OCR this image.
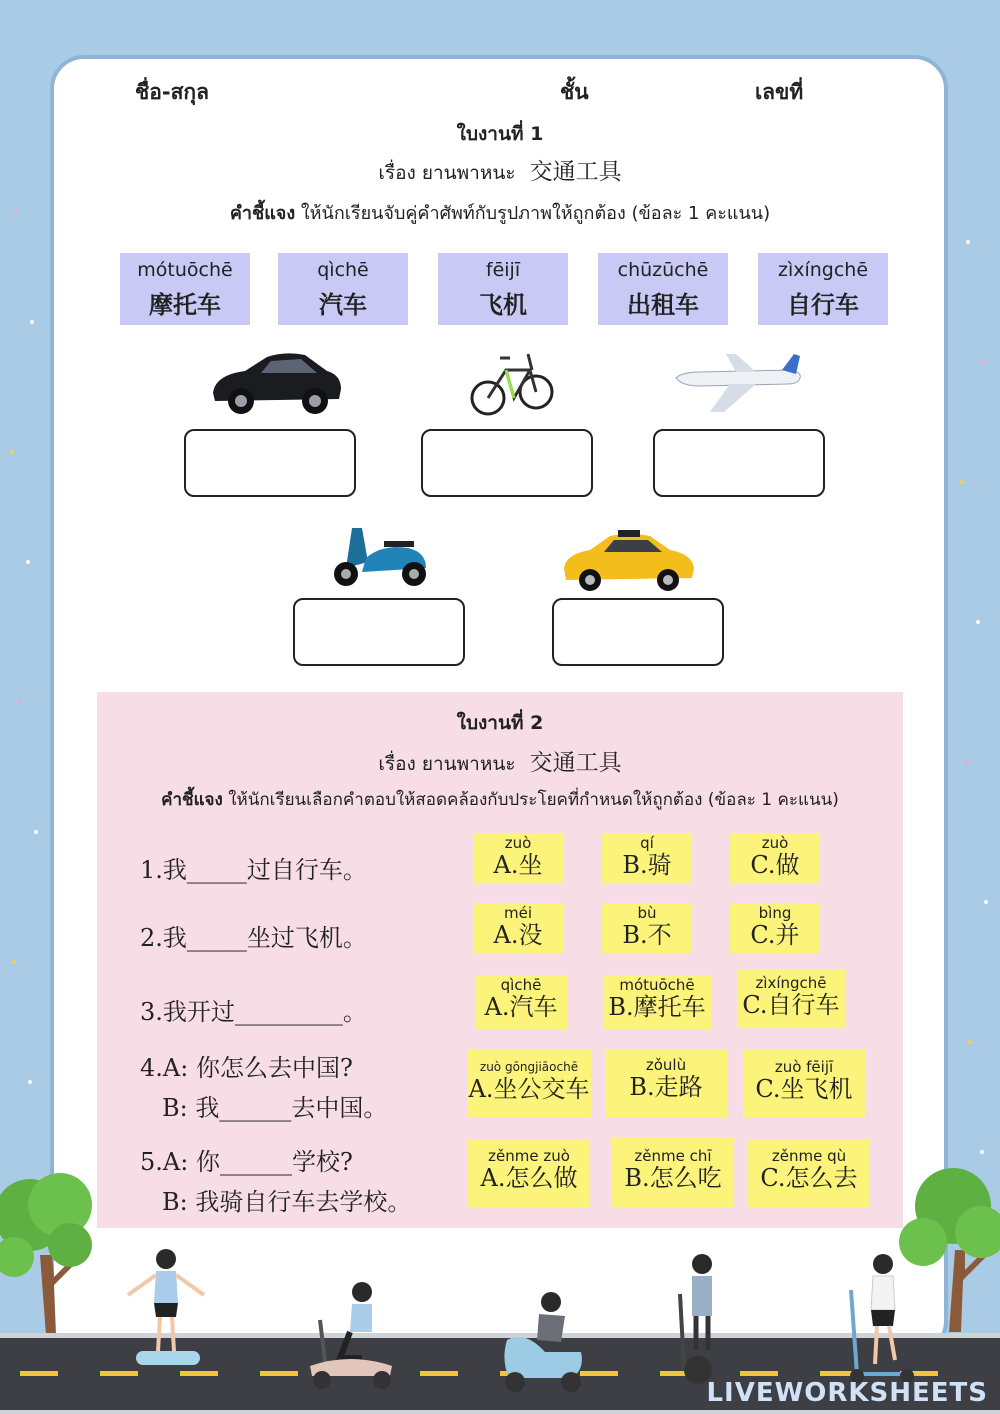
ชื่อ-สกุล	ชั้น	เลขที่
ใบงานที่ 1
เรื่อง ยานพาหนะ 交通工具
คำชี้แจง ให้นักเรียนจับคู่คำศัพท์กับรูปภาพให้ถูกต้อง (ข้อละ 1 คะแนน)
mótuōchē
摩托车
qìchē
汽车
fēijī
飞机
chūzūchē
出租车
zìxíngchē
自行车
ใบงานที่ 2
เรื่อง ยานพาหนะ 交通工具
คำชี้แจง ให้นักเรียนเลือกคำตอบให้สอดคล้องกับประโยคที่กำหนดให้ถูกต้อง (ข้อละ 1 คะแนน)
1.我_____过自行车。
zuò
A.坐
qí
B.骑
zuò
C.做
2.我_____坐过飞机。
méi
A.没
bù
B.不
bìng
C.并
3.我开过_________。
qìchē
A.汽车
mótuōchē
B.摩托车
zìxíngchē
C.自行车
4.A: 你怎么去中国?
B: 我______去中国。
zuò gōngjiāochē
A.坐公交车
zǒulù
B.走路
zuò fēijī
C.坐飞机
5.A: 你______学校?
B: 我骑自行车去学校。
zěnme zuò
A.怎么做
zěnme chī
B.怎么吃
zěnme qù
C.怎么去
LIVEWORKSHEETS
